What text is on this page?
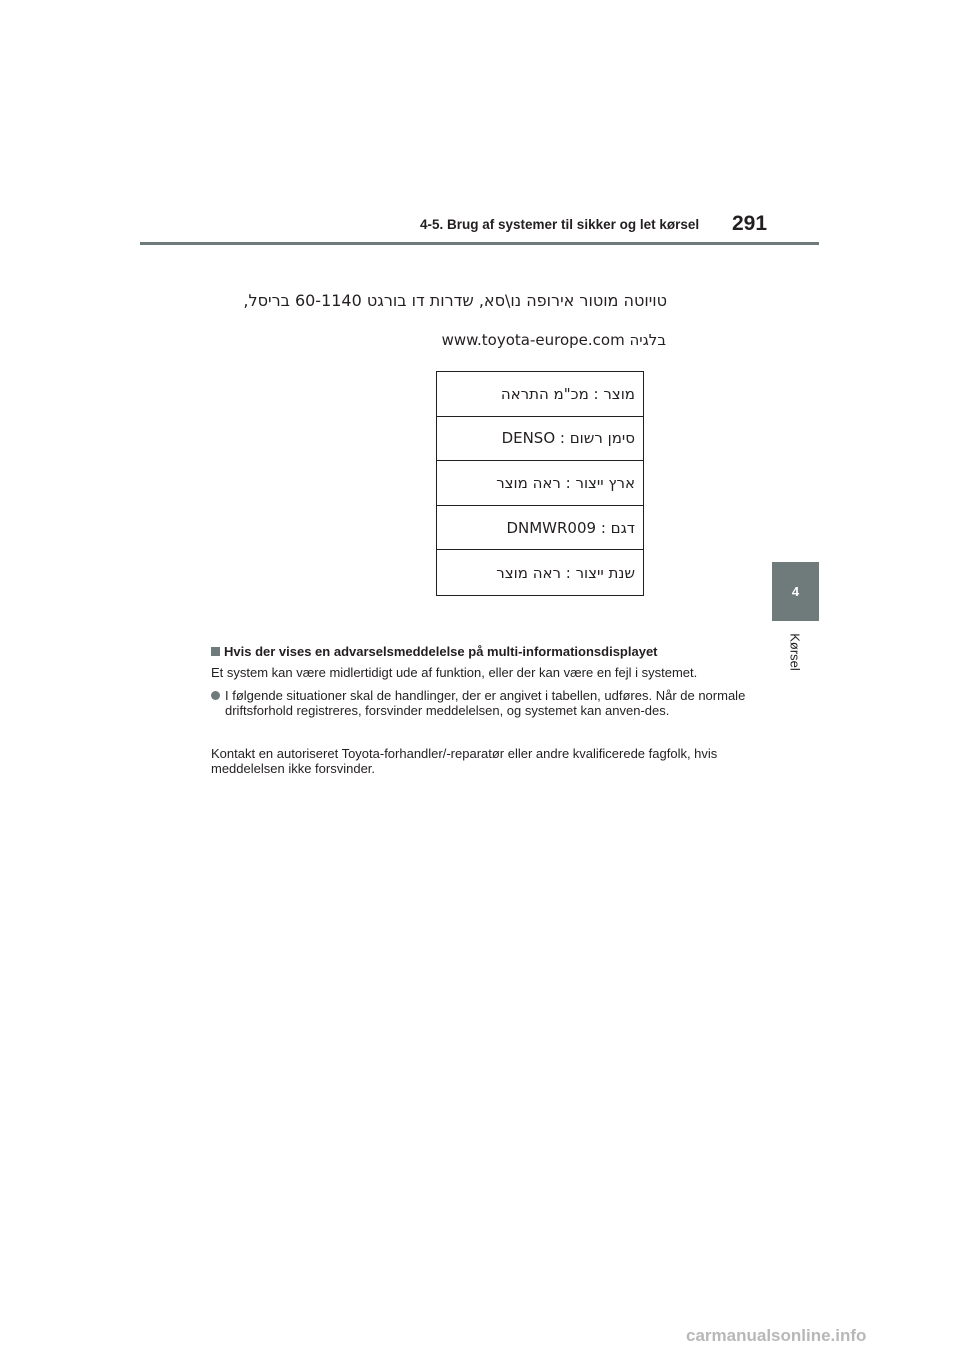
4-5. Brug af systemer til sikker og let kørsel 291
טויוטה מוטור אירופה נו\סא, שדרות דו בורגט 60-1140 בריסל,
בלגיה www.toyota-europe.com
מוצר : מכ"מ התראה
סימן רשום : DENSO
ארץ ייצור : ראה מוצר
דגם : DNMWR009
שנת ייצור : ראה מוצר
Hvis der vises en advarselsmeddelelse på multi-informationsdisplayet
Et system kan være midlertidigt ude af funktion, eller der kan være en fejl i systemet.
I følgende situationer skal de handlinger, der er angivet i tabellen, udføres. Når de normale driftsforhold registreres, forsvinder meddelelsen, og systemet kan anven-des.
Kontakt en autoriseret Toyota-forhandler/-reparatør eller andre kvalificerede fagfolk, hvis meddelelsen ikke forsvinder.
4
Kørsel
carmanualsonline.info
